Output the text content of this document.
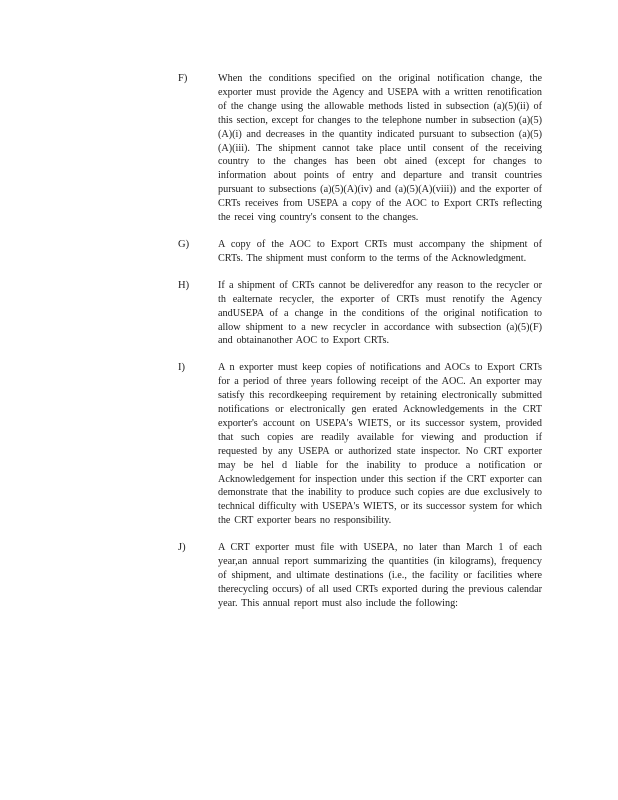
F)	When the conditions specified on the original notification change, the exporter must provide the Agency and USEPA with a written renotification of the change using the allowable methods listed in subsection (a)(5)(ii) of this section, except for changes to the telephone number in subsection (a)(5)(A)(i) and decreases in the quantity indicated pursuant to subsection (a)(5)(A)(iii). The shipment cannot take place until consent of the receiving country to the changes has been obt ained (except for changes to information about points of entry and departure and transit countries pursuant to subsections (a)(5)(A)(iv) and (a)(5)(A)(viii)) and the exporter of CRTs receives from USEPA a copy of the AOC to Export CRTs reflecting the recei ving country's consent to the changes.
G)	A copy of the AOC to Export CRTs must accompany the shipment of CRTs. The shipment must conform to the terms of the Acknowledgment.
H)	If a shipment of CRTs cannot be deliveredfor any reason to the recycler or th ealternate recycler, the exporter of CRTs must renotify the Agency andUSEPA of a change in the conditions of the original notification to allow shipment to a new recycler in accordance with subsection (a)(5)(F) and obtainanother AOC to Export CRTs.
I)	A n exporter must keep copies of notifications and AOCs to Export CRTs for a period of three years following receipt of the AOC. An exporter may satisfy this recordkeeping requirement by retaining electronically submitted notifications or electronically gen erated Acknowledgements in the CRT exporter's account on USEPA's WIETS, or its successor system, provided that such copies are readily available for viewing and production if requested by any USEPA or authorized state inspector. No CRT exporter may be hel d liable for the inability to produce a notification or Acknowledgement for inspection under this section if the CRT exporter can demonstrate that the inability to produce such copies are due exclusively to technical difficulty with USEPA's WIETS, or its successor system for which the CRT exporter bears no responsibility.
J)	A CRT exporter must file with USEPA, no later than March 1 of each year,an annual report summarizing the quantities (in kilograms), frequency of shipment, and ultimate destinations (i.e., the facility or facilities where therecycling occurs) of all used CRTs exported during the previous calendar year. This annual report must also include the following:
